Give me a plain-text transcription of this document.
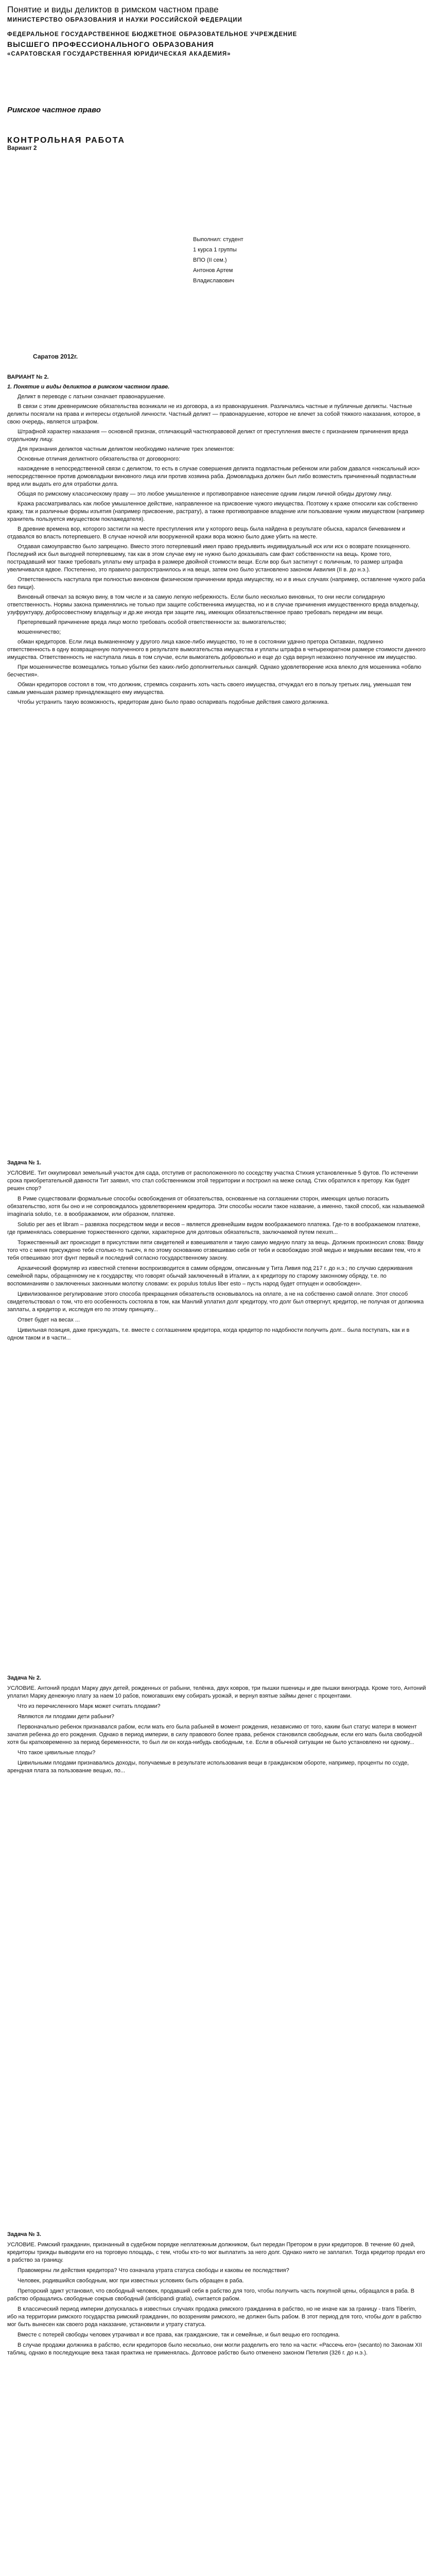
Понятие и виды деликтов в римском частном праве

МИНИСТЕРСТВО ОБРАЗОВАНИЯ И НАУКИ РОССИЙСКОЙ ФЕДЕРАЦИИ

ФЕДЕРАЛЬНОЕ ГОСУДАРСТВЕННОЕ БЮДЖЕТНОЕ ОБРАЗОВАТЕЛЬНОЕ УЧРЕЖДЕНИЕ

ВЫСШЕГО ПРОФЕССИОНАЛЬНОГО ОБРАЗОВАНИЯ

«САРАТОВСКАЯ ГОСУДАРСТВЕННАЯ ЮРИДИЧЕСКАЯ АКАДЕМИЯ»

Римское частное право

КОНТРОЛЬНАЯ РАБОТА

Вариант 2

Выполнил: студент
1 курса 1 группы
ВПО (II сем.)
Антонов Артем
Владиславович
Саратов 2012г.

ВАРИАНТ № 2.

1. Понятие и виды деликтов в римском частном праве.

Деликт в переводе с латыни означает правонарушение.

В связи с этим древнеримские обязательства возникали не из договора, а из правонарушения. Различались частные и публичные деликты. Частные деликты посягали на права и интересы отдельной личности. Частный деликт — правонарушение, которое не влечет за собой тяжкого наказания, которое, в свою очередь, является штрафом.

Штрафной характер наказания — основной признак, отличающий частноправовой деликт от преступления вместе с признанием причинения вреда отдельному лицу.

Для признания деликтов частным деликтом необходимо наличие трех элементов:

Основные отличия деликтного обязательства от договорного:

нахождение в непосредственной связи с деликтом, то есть в случае совершения деликта подвластным ребенком или рабом давался «ноксальный иск» непосредственное против домовладыки виновного лица или против хозяина раба. Домовладыка должен был либо возместить причиненный подвластным вред или выдать его для отработки долга.

Общая по римскому классическому праву — это любое умышленное и противоправное нанесение одним лицом личной обиды другому лицу.

Кража расcматривалась как любое умышленное действие, направленное на присвоение чужого имущества. Поэтому к краже относили как собственно кражу, так и различные формы изъятия (например присвоение, растрату), а также противоправное владение или пользование чужим имуществом (например хранитель пользуется имуществом поклажедателя).

В древние времена вор, которого застигли на месте преступления или у которого вещь была найдена в результате обыска, карался бичеванием и отдавался во власть потерпевшего. В случае ночной или вооруженной кражи вора можно было даже убить на месте.

Отдавая самоуправство было запрещено. Вместо этого потерпевший имел право предъявить индивидуальный иск или иск о возврате похищенного. Последний иск был выгодней потерпевшему, так как в этом случае ему не нужно было доказывать сам факт собственности на вещь. Кроме того, пострадавший мог также требовать уплаты ему штрафа в размере двойной стоимости вещи. Если вор был застигнут с поличным, то размер штрафа увеличивался вдвое. Постепенно, это правило распространилось и на вещи, затем оно было установлено законом Аквилия (II в. до н.э.).

Ответственность наступала при полностью виновном физическом причинении вреда имуществу, но и в иных случаях (например, оставление чужого раба без пищи).

Виновный отвечал за всякую вину, в том числе и за самую легкую небрежность. Если было несколько виновных, то они несли солидарную ответственность. Нормы закона применялись не только при защите собственника имущества, но и в случае причинения имущественного вреда владельцу, узуфруктуару, добросовестному владельцу и др.же иногда при защите лиц, имеющих обязательственное право требовать передачи им вещи.

Претерпевший причинение вреда лицо могло требовать особой ответственности за: вымогательство;

мошенничество;

обман кредиторов. Если лица выманенному у другого лица какое-либо имущество, то не в состоянии удачно претора Октавиан, подлинно ответственность в одну возвращенную полученного в результате вымогательства имущества и уплаты штрафа в четырехкратном размере стоимости данного имущества. Ответственность не наступала лишь в том случае, если вымогатель добровольно и еще до суда вернул незаконно полученное им имущество.

При мошенничестве возмещались только убытки без каких-либо дополнительных санкций. Однако удовлетворение иска влекло для мошенника «обвлю бесчестия».

Обман кредиторов состоял в том, что должник, стремясь сохранить хоть часть своего имущества, отчуждал его в пользу третьих лиц, уменьшая тем самым уменьшая размер принадлежащего ему имущества.

Чтобы устранить такую возможность, кредиторам дано было право оспаривать подобные действия самого должника.

Задача № 1.

УСЛОВИЕ. Тит оккупировал земельный участок для сада, отступив от расположенного по соседству участка Стихия установленные 5 футов. По истечении срока приобретательной давности Тит заявил, что стал собственником этой территории и построил на меже склад. Стих обратился к претору. Как будет решен спор?

В Риме существовали формальные способы освобождения от обязательства, основанные на соглашении сторон, имеющих целью погасить обязательство, хотя бы оно и не сопровождалось удовлетворением кредитора. Эти способы носили такое название, a именно, такой способ, как называемой imaginaria solutio, т.е. в воображаемом, или образном, платеже.

Solutio per aes et libram – развязка посредством меди и весов – является древнейшим видом воображаемого платежа. Где-то в воображаемом платеже, где применялась совершение торжественного сделки, характерное для долговых обязательств, заключаемой путем nexum...

Торжественный акт происходит в присутствии пяти свидетелей и взвешивателя и такую самую медную плату за вещь. Должник произносил слова: Ввиду того что с меня присуждено тебе столько-то тысяч, я по этому основанию отзвешиваю себя от тебя и освобождаю этой медью и медными весами тем, что я тебя отвешиваю этот фунт первый и последний согласно государственному закону.

Архаический формуляр из известной степени воспроизводится в самим обрядом, описанным у Тита Ливия под 217 г. до н.э.; по случаю сдерживания семейной пары, обращенному не к государству, что говорят обычай заключенный в Италии, а к кредитору по старому законному обряду, т.е. по воспоминаниям о заключенных законными молотку словами: ex populus totulus liber esto – пусть народ будет отпущен и освобожден».

Цивилизованное регулирование этого способа прекращения обязательств основывалось на оплате, а не на собственно самой оплате. Этот способ свидетельствовал о том, что его особенность состояла в том, как Манлий уплатил долг кредитору, что долг был отвергнут, кредитор, не получая от должника заплаты, а кредитор и, исследуя его по этому принципу...

Ответ будет на весах ...

Цивильная позиция, даже присуждать, т.е. вместе с соглашением кредитора, когда кредитор по надобности получить долг... была поступать, как и в одном таком и в части...

Задача № 2.

УСЛОВИЕ. Антоний продал Марку двух детей, рожденных от рабыни, телёнка, двух ковров, три пышки пшеницы и две пышки винограда. Кроме того, Антоний уплатил Марку денежную плату за наем 10 рабов, помогавших ему собирать урожай, и вернул взятые займы денег с процентами.

Что из перечисленного Марк может считать плодами?

Являются ли плодами дети рабыни?

Первоначально ребенок признавался рабом, если мать его была рабыней в момент рождения, независимо от того, каким был статус матери в момент зачатия ребенка до его рождения. Однако в период империи, в силу правового более права, ребенок становился свободным, если его мать была свободной хотя бы кратковременно за период беременности, то был ли он когда-нибудь свободным, т.е. Если в обычной ситуации не было установлено ни одному...

Что такое цивильные плоды?

Цивильными плодами признавались доходы, получаемые в результате использования вещи в гражданском обороте, например, проценты по ссуде, арендная плата за пользование вещью, по...

Задача № 3.

УСЛОВИЕ. Римский гражданин, признанный в судебном порядке неплатежным должником, был передан Претором в руки кредиторов. В течение 60 дней, кредиторы трижды выводили его на торговую площадь, с тем, чтобы кто-то мог выплатить за него долг. Однако никто не заплатил. Тогда кредитор продал его в рабство за границу.

Правомерны ли действия кредитора? Что означала утрата статуса свободы и каковы ее последствия?

Человек, родившийся свободным, мог при известных условиях быть обращен в раба.

Преторский эдикт установил, что свободный человек, продавший себя в рабство для того, чтобы получить часть покупной цены, обращался в раба. В рабство обращались свободные сокрыв свободный (anticipandi gratia), считается рабом.

В классический период империи допускалась в известных случаях продажа римского гражданина в рабство, но не иначе как за границу - trans Tiberim, ибо на территории римского государства римский гражданин, по воззрениям римского, не должен быть рабом. В этот период для того, чтобы долг в рабство мог быть вынесен как своего рода наказание, установили и утрату статуса.

Вместе с потерей свободы человек утрачивал и все права, как гражданские, так и семейные, и был вещью его господина.

В случае продажи должника в рабство, если кредиторов было несколько, они могли разделить его тело на части: «Рассечь его» (secanto) по Законам XII таблиц, однако в последующие века такая практика не применялась. Долговое рабство было отменено законом Петелия (326 г. до н.э.).
